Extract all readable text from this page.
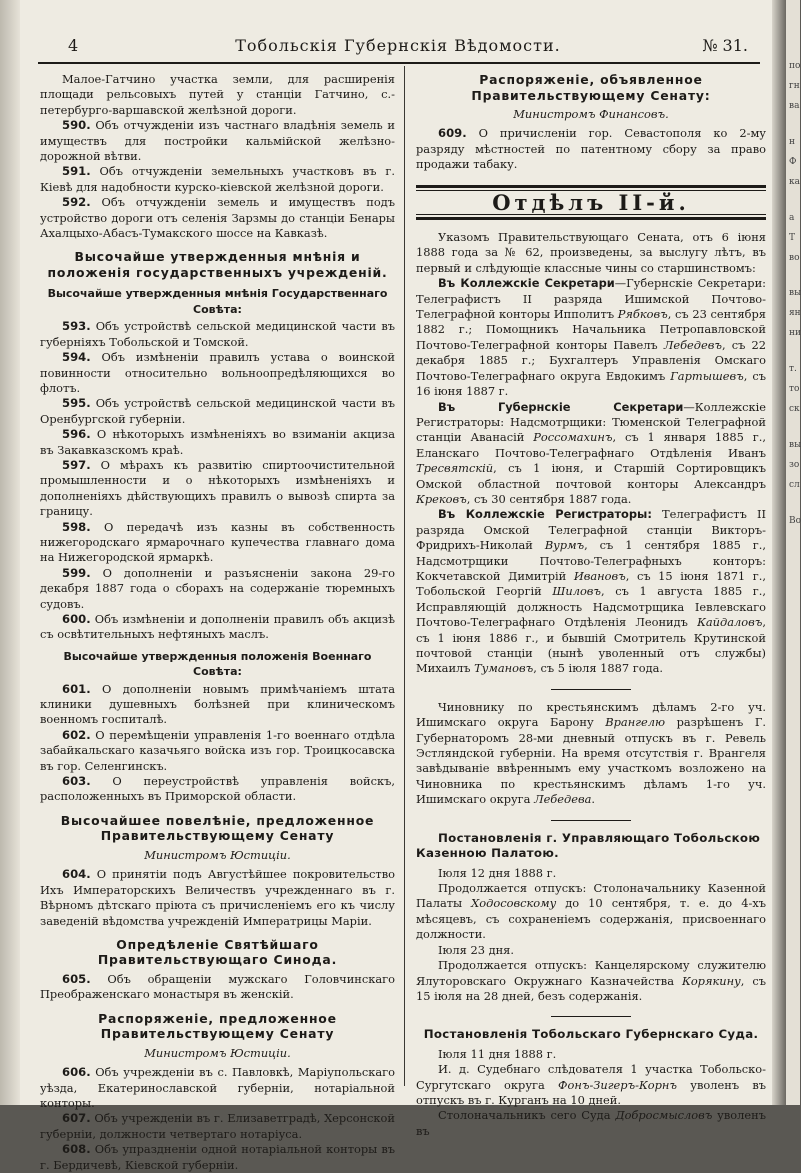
4	Тобольскія Губернскія Вѣдомости.	№ 31.
Малое-Гатчино участка земли, для расширенія площади рельсовыхъ путей у станціи Гатчино, с.-петербурго-варшавской желѣзной дороги.
590. Объ отчужденіи изъ частнаго владѣнія земель и имуществъ для постройки кальмійской желѣзно-дорожной вѣтви.
591. Объ отчужденіи земельныхъ участковъ въ г. Кіевѣ для надобности курско-кіевской желѣзной дороги.
592. Объ отчужденіи земель и имуществъ подъ устройство дороги отъ селенія Зарзмы до станціи Бенары Ахалцыхо-Абасъ-Тумакского шоссе на Кавказѣ.
Высочайше утвержденныя мнѣнія и положенія государственныхъ учрежденій.
Высочайше утвержденныя мнѣнія Государственнаго Совѣта:
593. Объ устройствѣ сельской медицинской части въ губерніяхъ Тобольской и Томской.
594. Объ измѣненіи правилъ устава о воинской повинности относительно вольноопредѣляющихся во флотъ.
595. Объ устройствѣ сельской медицинской части въ Оренбургской губерніи.
596. О нѣкоторыхъ измѣненіяхъ во взиманіи акциза въ Закавказскомъ краѣ.
597. О мѣрахъ къ развитію спиртоочистительной промышленности и о нѣкоторыхъ измѣненіяхъ и дополненіяхъ дѣйствующихъ правилъ о вывозѣ спирта за границу.
598. О передачѣ изъ казны въ собственность нижегородскаго ярмарочнаго купечества главнаго дома на Нижегородской ярмаркѣ.
599. О дополненіи и разъясненіи закона 29-го декабря 1887 года о сборахъ на содержаніе тюремныхъ судовъ.
600. Объ измѣненіи и дополненіи правилъ объ акцизѣ съ освѣтительныхъ нефтяныхъ маслъ.
Высочайше утвержденныя положенія Военнаго Совѣта:
601. О дополненіи новымъ примѣчаніемъ штата клиники душевныхъ болѣзней при клиническомъ военномъ госпиталѣ.
602. О перемѣщеніи управленія 1-го военнаго отдѣла забайкальскаго казачьяго войска изъ гор. Троицкосавска въ гор. Селенгинскъ.
603. О переустройствѣ управленія войскъ, расположенныхъ въ Приморской области.
Высочайшее повелѣніе, предложенное Правительствующему Сенату
Министромъ Юстиціи.
604. О принятіи подъ Августѣйшее покровительство Ихъ Императорскихъ Величествъ учрежденнаго въ г. Вѣрномъ дѣтскаго пріюта съ причисленіемъ его къ числу заведеній вѣдомства учрежденій Императрицы Маріи.
Опредѣленіе Святѣйшаго Правительствующаго Синода.
605. Объ обращеніи мужскаго Головчинскаго Преображенскаго монастыря въ женскій.
Распоряженіе, предложенное Правительствующему Сенату
Министромъ Юстиціи.
606. Объ учрежденіи въ с. Павловкѣ, Маріупольскаго уѣзда, Екатеринославской губерніи, нотаріальной конторы.
607. Объ учрежденіи въ г. Елизаветградѣ, Херсонской губерніи, должности четвертаго нотаріуса.
608. Объ упраздненіи одной нотаріальной конторы въ г. Бердичевѣ, Кіевской губерніи.
Распоряженіе, объявленное Правительствующему Сенату:
Министромъ Финансовъ.
609. О причисленіи гор. Севастополя ко 2-му разряду мѣстностей по патентному сбору за право продажи табаку.
Отдѣлъ II-й.
Указомъ Правительствующаго Сената, отъ 6 іюня 1888 года за № 62, произведены, за выслугу лѣтъ, въ первый и слѣдующіе классные чины со старшинствомъ:
Въ Коллежскіе Секретари—Губернскіе Секретари: Телеграфистъ II разряда Ишимской Почтово-Телеграфной конторы Ипполитъ Рябковъ, съ 23 сентября 1882 г.; Помощникъ Начальника Петропавловской Почтово-Телеграфной конторы Павелъ Лебедевъ, съ 22 декабря 1885 г.; Бухгалтеръ Управленія Омскаго Почтово-Телеграфнаго округа Евдокимъ Гартышевъ, съ 16 іюня 1887 г.
Въ Губернскіе Секретари—Коллежскіе Регистраторы: Надсмотрщики: Тюменской Телеграфной станціи Аванасій Россомахинъ, съ 1 января 1885 г., Еланскаго Почтово-Телеграфнаго Отдѣленія Иванъ Тресвятскій, съ 1 іюня, и Старшій Сортировщикъ Омской областной почтовой конторы Александръ Крековъ, съ 30 сентября 1887 года.
Въ Коллежскіе Регистраторы: Телеграфистъ II разряда Омской Телеграфной станціи Викторъ-Фридрихъ-Николай Вурмъ, съ 1 сентября 1885 г., Надсмотрщики Почтово-Телеграфныхъ конторъ: Кокчетавской Димитрій Ивановъ, съ 15 іюня 1871 г., Тобольской Георгій Шиловъ, съ 1 августа 1885 г., Исправляющій должность Надсмотрщика Іевлевскаго Почтово-Телеграфнаго Отдѣленія Леонидъ Кайдаловъ, съ 1 іюня 1886 г., и бывшій Смотритель Крутинской почтовой станціи (нынѣ уволенный отъ службы) Михаилъ Тумановъ, съ 5 іюля 1887 года.
Чиновнику по крестьянскимъ дѣламъ 2-го уч. Ишимскаго округа Барону Врангелю разрѣшенъ Г. Губернаторомъ 28-ми дневный отпускъ въ г. Ревель Эстляндской губерніи. На время отсутствія г. Врангеля завѣдываніе ввѣреннымъ ему участкомъ возложено на Чиновника по крестьянскимъ дѣламъ 1-го уч. Ишимскаго округа Лебедева.
Постановленія г. Управляющаго Тобольскою Казенною Палатою.
Іюля 12 дня 1888 г.
Продолжается отпускъ: Столоначальнику Казенной Палаты Ходосовскому до 10 сентября, т. е. до 4-хъ мѣсяцевъ, съ сохраненіемъ содержанія, присвоеннаго должности.
Іюля 23 дня.
Продолжается отпускъ: Канцелярскому служителю Ялуторовскаго Окружнаго Казначейства Корякину, съ 15 іюля на 28 дней, безъ содержанія.
Постановленія Тобольскаго Губернскаго Суда.
Іюля 11 дня 1888 г.
И. д. Судебнаго слѣдователя 1 участка Тобольско-Сургутскаго округа Фонъ-Зигеръ-Корнъ уволенъ въ отпускъ въ г. Курганъ на 10 дней.
Столоначальникъ сего Суда Добросмысловъ уволенъ въ
по
гн
ва
н
Ф
ка
а
Т
во
вы
ян
ни
т.
то
ск
вы
зо
сл
Во
